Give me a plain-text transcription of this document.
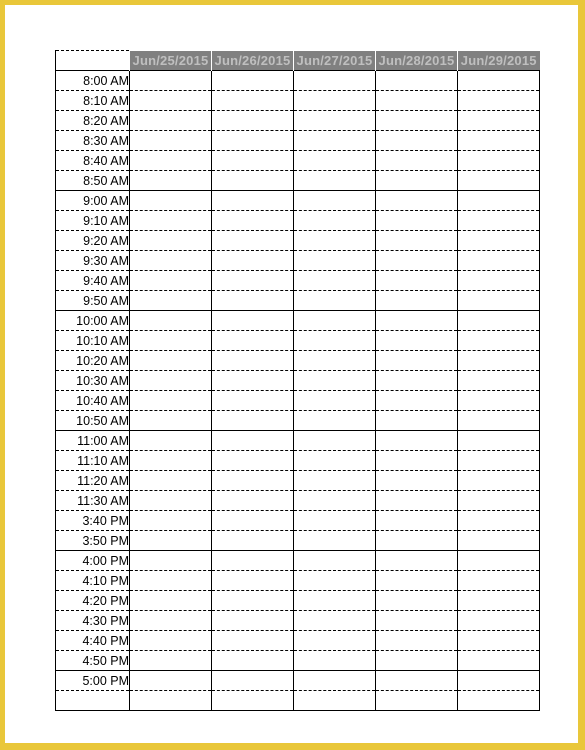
	Jun/25/2015	Jun/26/2015	Jun/27/2015	Jun/28/2015	Jun/29/2015
8:00 AM					
8:10 AM					
8:20 AM					
8:30 AM					
8:40 AM					
8:50 AM					
9:00 AM					
9:10 AM					
9:20 AM					
9:30 AM					
9:40 AM					
9:50 AM					
10:00 AM					
10:10 AM					
10:20 AM					
10:30 AM					
10:40 AM					
10:50 AM					
11:00 AM					
11:10 AM					
11:20 AM					
11:30 AM					
3:40 PM					
3:50 PM					
4:00 PM					
4:10 PM					
4:20 PM					
4:30 PM					
4:40 PM					
4:50 PM					
5:00 PM					
